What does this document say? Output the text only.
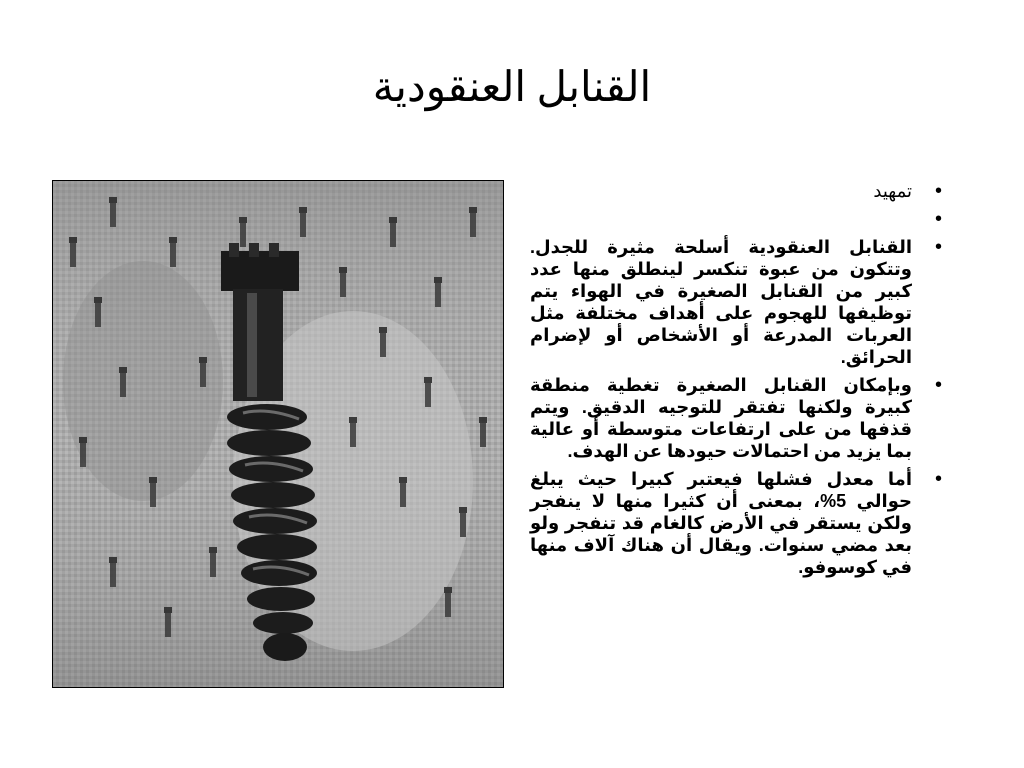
القنابل العنقودية
• تمهيد
•
• القنابل العنقودية أسلحة مثيرة للجدل. وتتكون من عبوة تنكسر لينطلق منها عدد كبير من القنابل الصغيرة في الهواء يتم توظيفها للهجوم على أهداف مختلفة مثل العربات المدرعة أو الأشخاص أو لإضرام الحرائق.
• وبإمكان القنابل الصغيرة تغطية منطقة كبيرة ولكنها تفتقر للتوجيه الدقيق. ويتم قذفها من على ارتفاعات متوسطة أو عالية بما يزيد من احتمالات حيودها عن الهدف.
• أما معدل فشلها فيعتبر كبيرا حيث يبلغ حوالي 5%، بمعنى أن كثيرا منها لا ينفجر ولكن يستقر في الأرض كالغام قد تنفجر ولو بعد مضي سنوات. ويقال أن هناك آلاف منها في كوسوفو.
